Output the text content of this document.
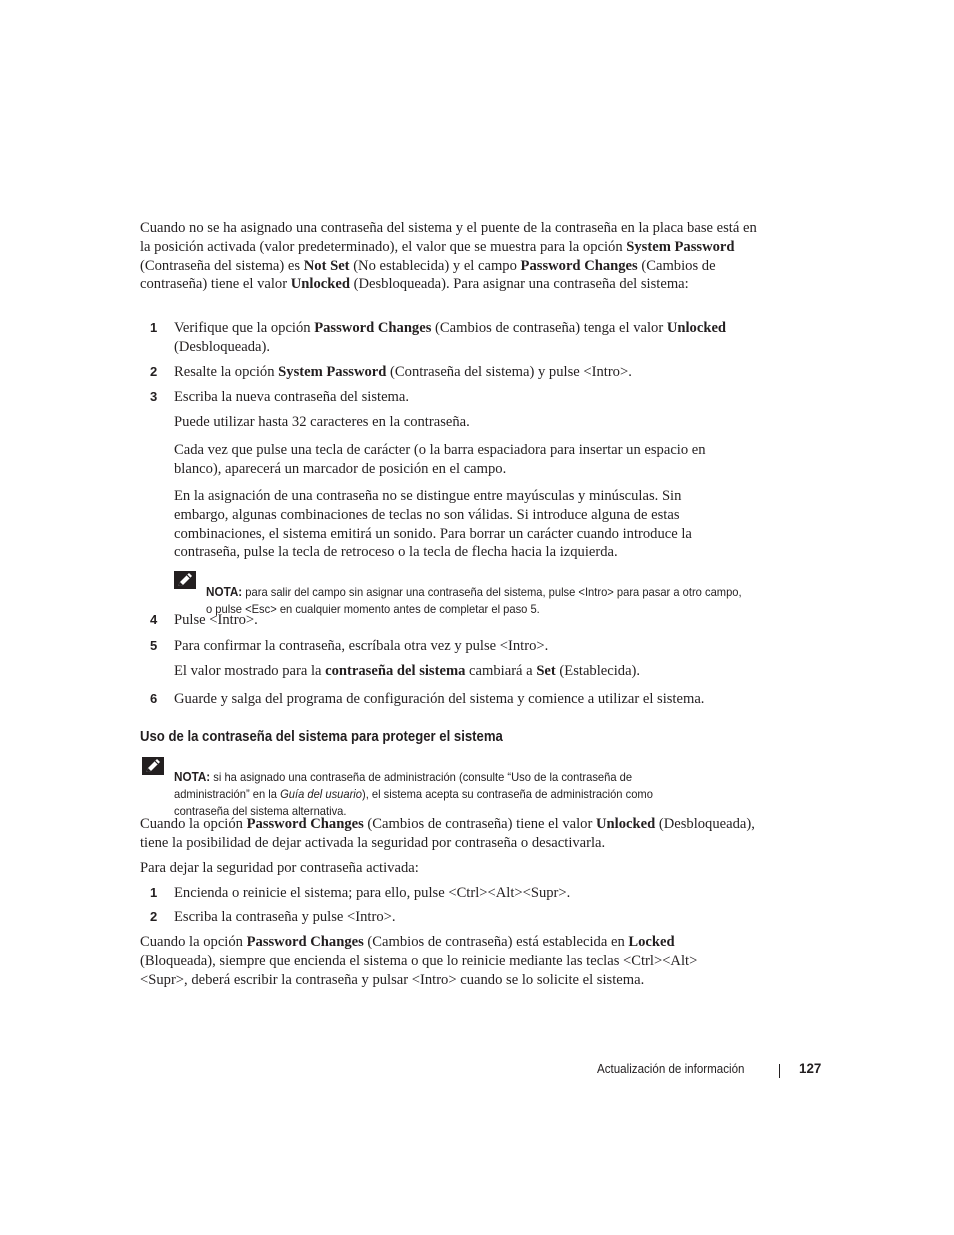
Cuando no se ha asignado una contraseña del sistema y el puente de la contraseña en la placa base está en la posición activada (valor predeterminado), el valor que se muestra para la opción System Password (Contraseña del sistema) es Not Set (No establecida) y el campo Password Changes (Cambios de contraseña) tiene el valor Unlocked (Desbloqueada). Para asignar una contraseña del sistema:

1 Verifique que la opción Password Changes (Cambios de contraseña) tenga el valor Unlocked (Desbloqueada).

2 Resalte la opción System Password (Contraseña del sistema) y pulse <Intro>.

3 Escriba la nueva contraseña del sistema.

Puede utilizar hasta 32 caracteres en la contraseña.

Cada vez que pulse una tecla de carácter (o la barra espaciadora para insertar un espacio en blanco), aparecerá un marcador de posición en el campo.

En la asignación de una contraseña no se distingue entre mayúsculas y minúsculas. Sin embargo, algunas combinaciones de teclas no son válidas. Si introduce alguna de estas combinaciones, el sistema emitirá un sonido. Para borrar un carácter cuando introduce la contraseña, pulse la tecla de retroceso o la tecla de flecha hacia la izquierda.

NOTA: para salir del campo sin asignar una contraseña del sistema, pulse <Intro> para pasar a otro campo, o pulse <Esc> en cualquier momento antes de completar el paso 5.

4 Pulse <Intro>.

5 Para confirmar la contraseña, escríbala otra vez y pulse <Intro>.

El valor mostrado para la contraseña del sistema cambiará a Set (Establecida).

6 Guarde y salga del programa de configuración del sistema y comience a utilizar el sistema.

Uso de la contraseña del sistema para proteger el sistema

NOTA: si ha asignado una contraseña de administración (consulte “Uso de la contraseña de administración” en la Guía del usuario), el sistema acepta su contraseña de administración como contraseña del sistema alternativa.

Cuando la opción Password Changes (Cambios de contraseña) tiene el valor Unlocked (Desbloqueada), tiene la posibilidad de dejar activada la seguridad por contraseña o desactivarla.

Para dejar la seguridad por contraseña activada:

1 Encienda o reinicie el sistema; para ello, pulse <Ctrl><Alt><Supr>.

2 Escriba la contraseña y pulse <Intro>.

Cuando la opción Password Changes (Cambios de contraseña) está establecida en Locked (Bloqueada), siempre que encienda el sistema o que lo reinicie mediante las teclas <Ctrl><Alt><Supr>, deberá escribir la contraseña y pulsar <Intro> cuando se lo solicite el sistema.

Actualización de información	127
